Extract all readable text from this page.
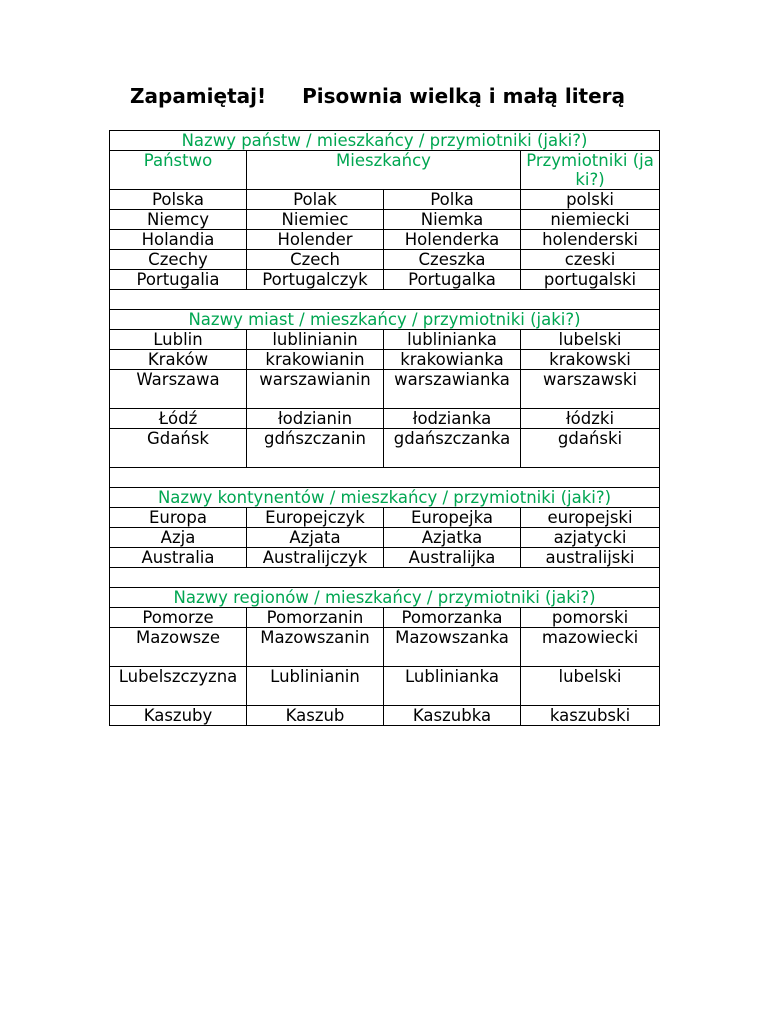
Zapamiętaj! Pisownia wielką i małą literą
Nazwy państw / mieszkańcy / przymiotniki (jaki?)			
Państwo	Mieszkańcy		Przymiotniki (jaki?)
Polska	Polak	Polka	polski
Niemcy	Niemiec	Niemka	niemiecki
Holandia	Holender	Holenderka	holenderski
Czechy	Czech	Czeszka	czeski
Portugalia	Portugalczyk	Portugalka	portugalski

Nazwy miast / mieszkańcy / przymiotniki (jaki?)			
Lublin	lublinianin	lublinianka	lubelski
Kraków	krakowianin	krakowianka	krakowski
Warszawa	warszawianin	warszawianka	warszawski
Łódź	łodzianin	łodzianka	łódzki
Gdańsk	gdńszczanin	gdańszczanka	gdański

Nazwy kontynentów / mieszkańcy / przymiotniki (jaki?)			
Europa	Europejczyk	Europejka	europejski
Azja	Azjata	Azjatka	azjatycki
Australia	Australijczyk	Australijka	australijski

Nazwy regionów / mieszkańcy / przymiotniki (jaki?)			
Pomorze	Pomorzanin	Pomorzanka	pomorski
Mazowsze	Mazowszanin	Mazowszanka	mazowiecki
Lubelszczyzna	Lublinianin	Lublinianka	lubelski
Kaszuby	Kaszub	Kaszubka	kaszubski
